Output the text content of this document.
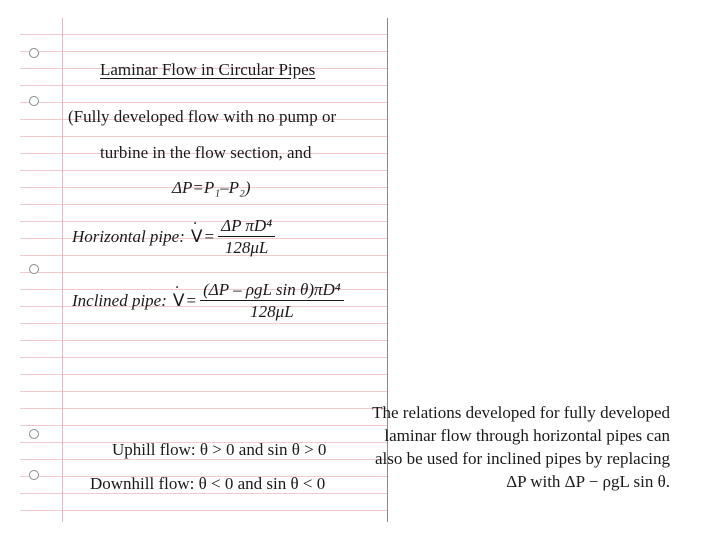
Laminar Flow in Circular Pipes
(Fully developed flow with no pump or
turbine in the flow section, and
ΔP=P₁–P₂)
Horizontal pipe: · $V = \frac{\text{ΔP πD⁴}}{128\mu L}$
Inclined pipe: · $V = \frac{\text{(ΔP – ρgL sin θ)πD⁴}}{128\mu L}$
Uphill flow: θ > 0 and sin θ > 0
Downhill flow: θ < 0 and sin θ < 0
The relations developed for fully developed laminar flow through horizontal pipes can also be used for inclined pipes by replacing ΔP with ΔP − ρgL sin θ.
